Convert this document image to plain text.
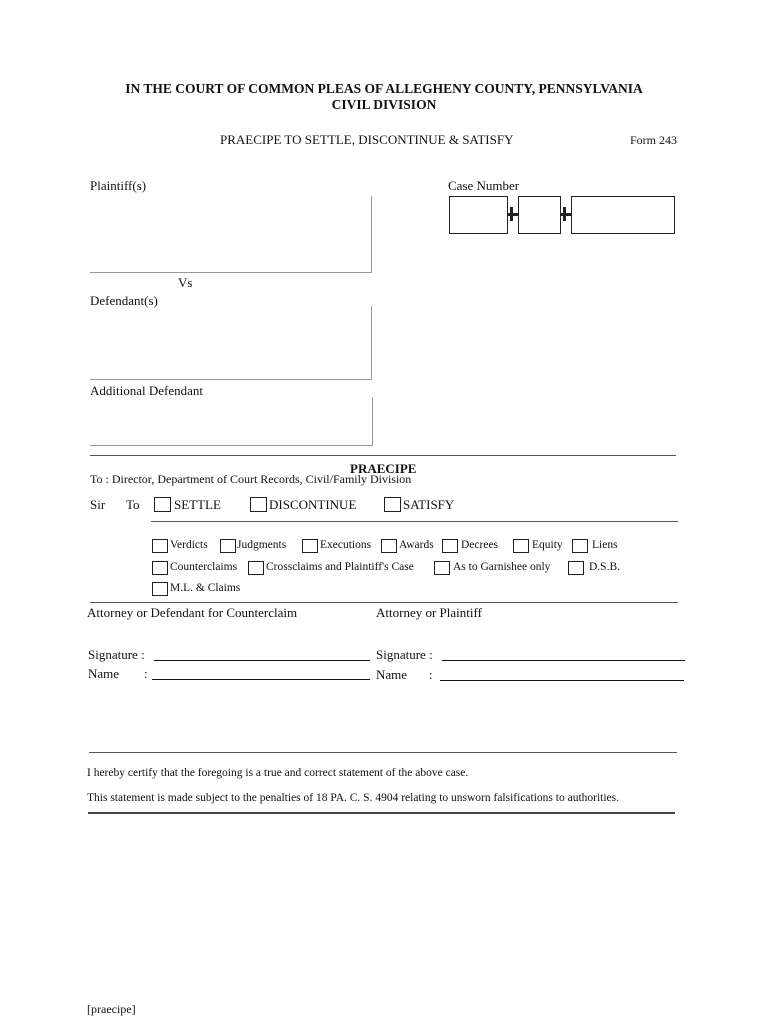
IN THE COURT OF COMMON PLEAS OF ALLEGHENY COUNTY, PENNSYLVANIA
CIVIL DIVISION
PRAECIPE TO SETTLE, DISCONTINUE & SATISFY	Form 243
Plaintiff(s)
Vs
Defendant(s)
Additional Defendant
Case Number
PRAECIPE
To : Director, Department of Court Records, Civil/Family Division
Sir To	SETTLE	DISCONTINUE	SATISFY
Verdicts	Judgments	Executions Awards Decrees	Equity	Liens
Counterclaims	Crossclaims and Plaintiff's Case	As to Garnishee only	D.S.B.
M.L. & Claims
Attorney or Defendant for Counterclaim	Attorney or Plaintiff
Signature :
Name :
Signature :
Name :
I hereby certify that the foregoing is a true and correct statement of the above case.
This statement is made subject to the penalties of 18 PA. C. S. 4904 relating to unsworn falsifications to authorities.
[praecipe]
